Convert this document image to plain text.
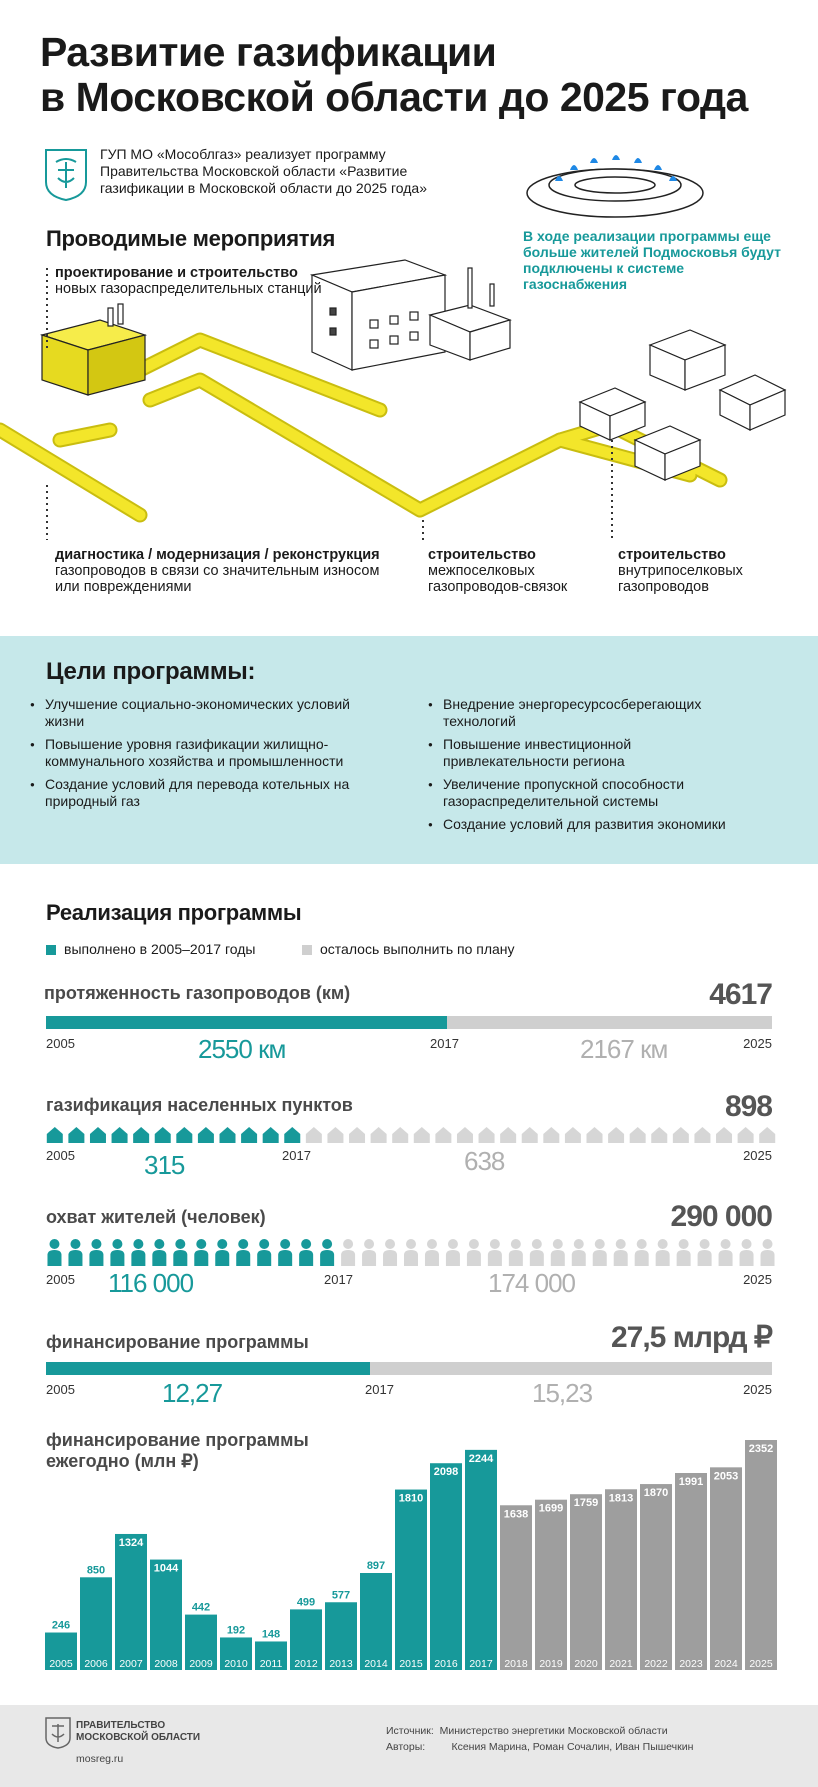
Развитие газификации
в Московской области до 2025 года
ГУП МО «Мособлгаз» реализует программу Правительства Московской области «Развитие газификации в Московской области до 2025 года»
В ходе реализации программы еще больше жителей Подмосковья будут подключены к системе газоснабжения
Проводимые мероприятия
проектирование и строительство
новых газораспределительных станций
диагностика / модернизация / реконструкция газопроводов в связи со значительным износом или повреждениями
строительство
межпоселковых газопроводов-связок
строительство
внутрипоселковых газопроводов
Цели программы:
● Улучшение социально-экономических условий жизни
● Повышение уровня газификации жилищно-коммунального хозяйства и промышленности
● Создание условий для перевода котельных на природный газ
● Внедрение энергоресурсосберегающих технологий
● Повышение инвестиционной привлекательности региона
● Увеличение пропускной способности газораспределительной системы
● Создание условий для развития экономики
Реализация программы
выполнено в 2005–2017 годы	осталось выполнить по плану
протяженность газопроводов (км)	4617
2005	2017	2025
2550 км	2167 км
газификация населенных пунктов	898
2005	2017	2025
315	638
охват жителей (человек)	290 000
2005	2017	2025
116 000	174 000
финансирование программы	27,5 млрд ₽
2005	2017	2025
12,27	15,23
финансирование программы
ежегодно (млн ₽)
246
2005
850
2006
1324
2007
1044
2008
442
2009
192
2010
148
2011
499
2012
577
2013
897
2014
1810
2015
2098
2016
2244
2017
1638
2018
1699
2019
1759
2020
1813
2021
1870
2022
1991
2023
2053
2024
2352
2025
ПРАВИТЕЛЬСТВО
МОСКОВСКОЙ ОБЛАСТИ
mosreg.ru
Источник: Министерство энергетики Московской области
Авторы:	Ксения Марина, Роман Сочалин, Иван Пышечкин
